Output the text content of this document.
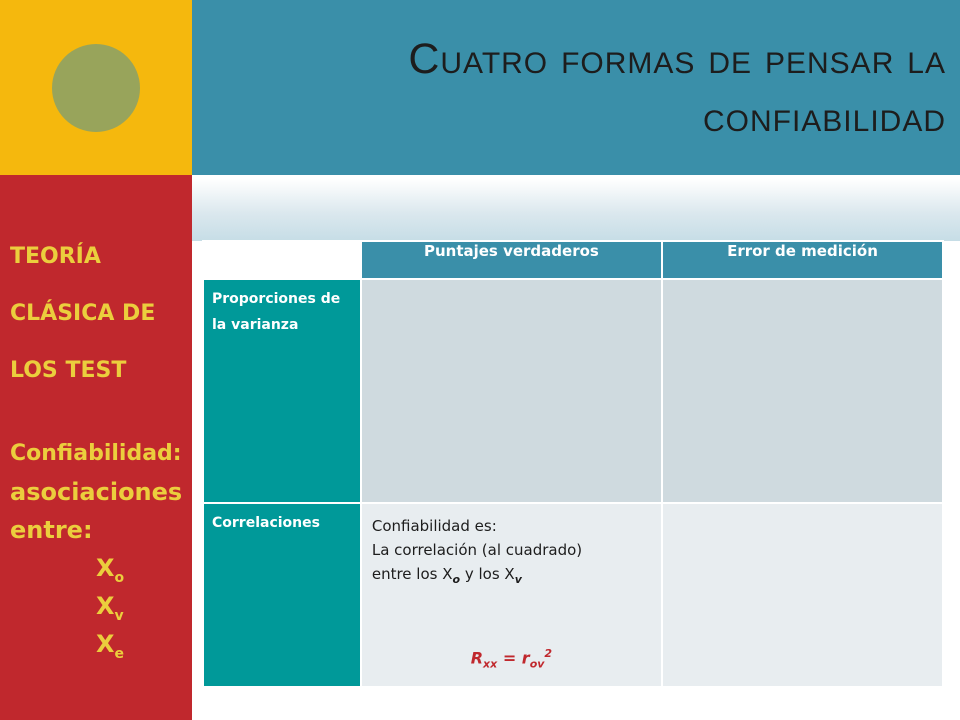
Cuatro formas de pensar la
confiabilidad
TEORÍA
CLÁSICA DE
LOS TEST
Confiabilidad:
asociaciones
entre:
$X_o$
$X_v$
$X_e$
	Puntajes verdaderos	Error de medición
Proporciones de la varianza		
Correlaciones	Confiabilidad es:
La correlación (al cuadrado)
entre los $X_o$ y los $X_v$
$R_{xx} = r_{ov}^2$
